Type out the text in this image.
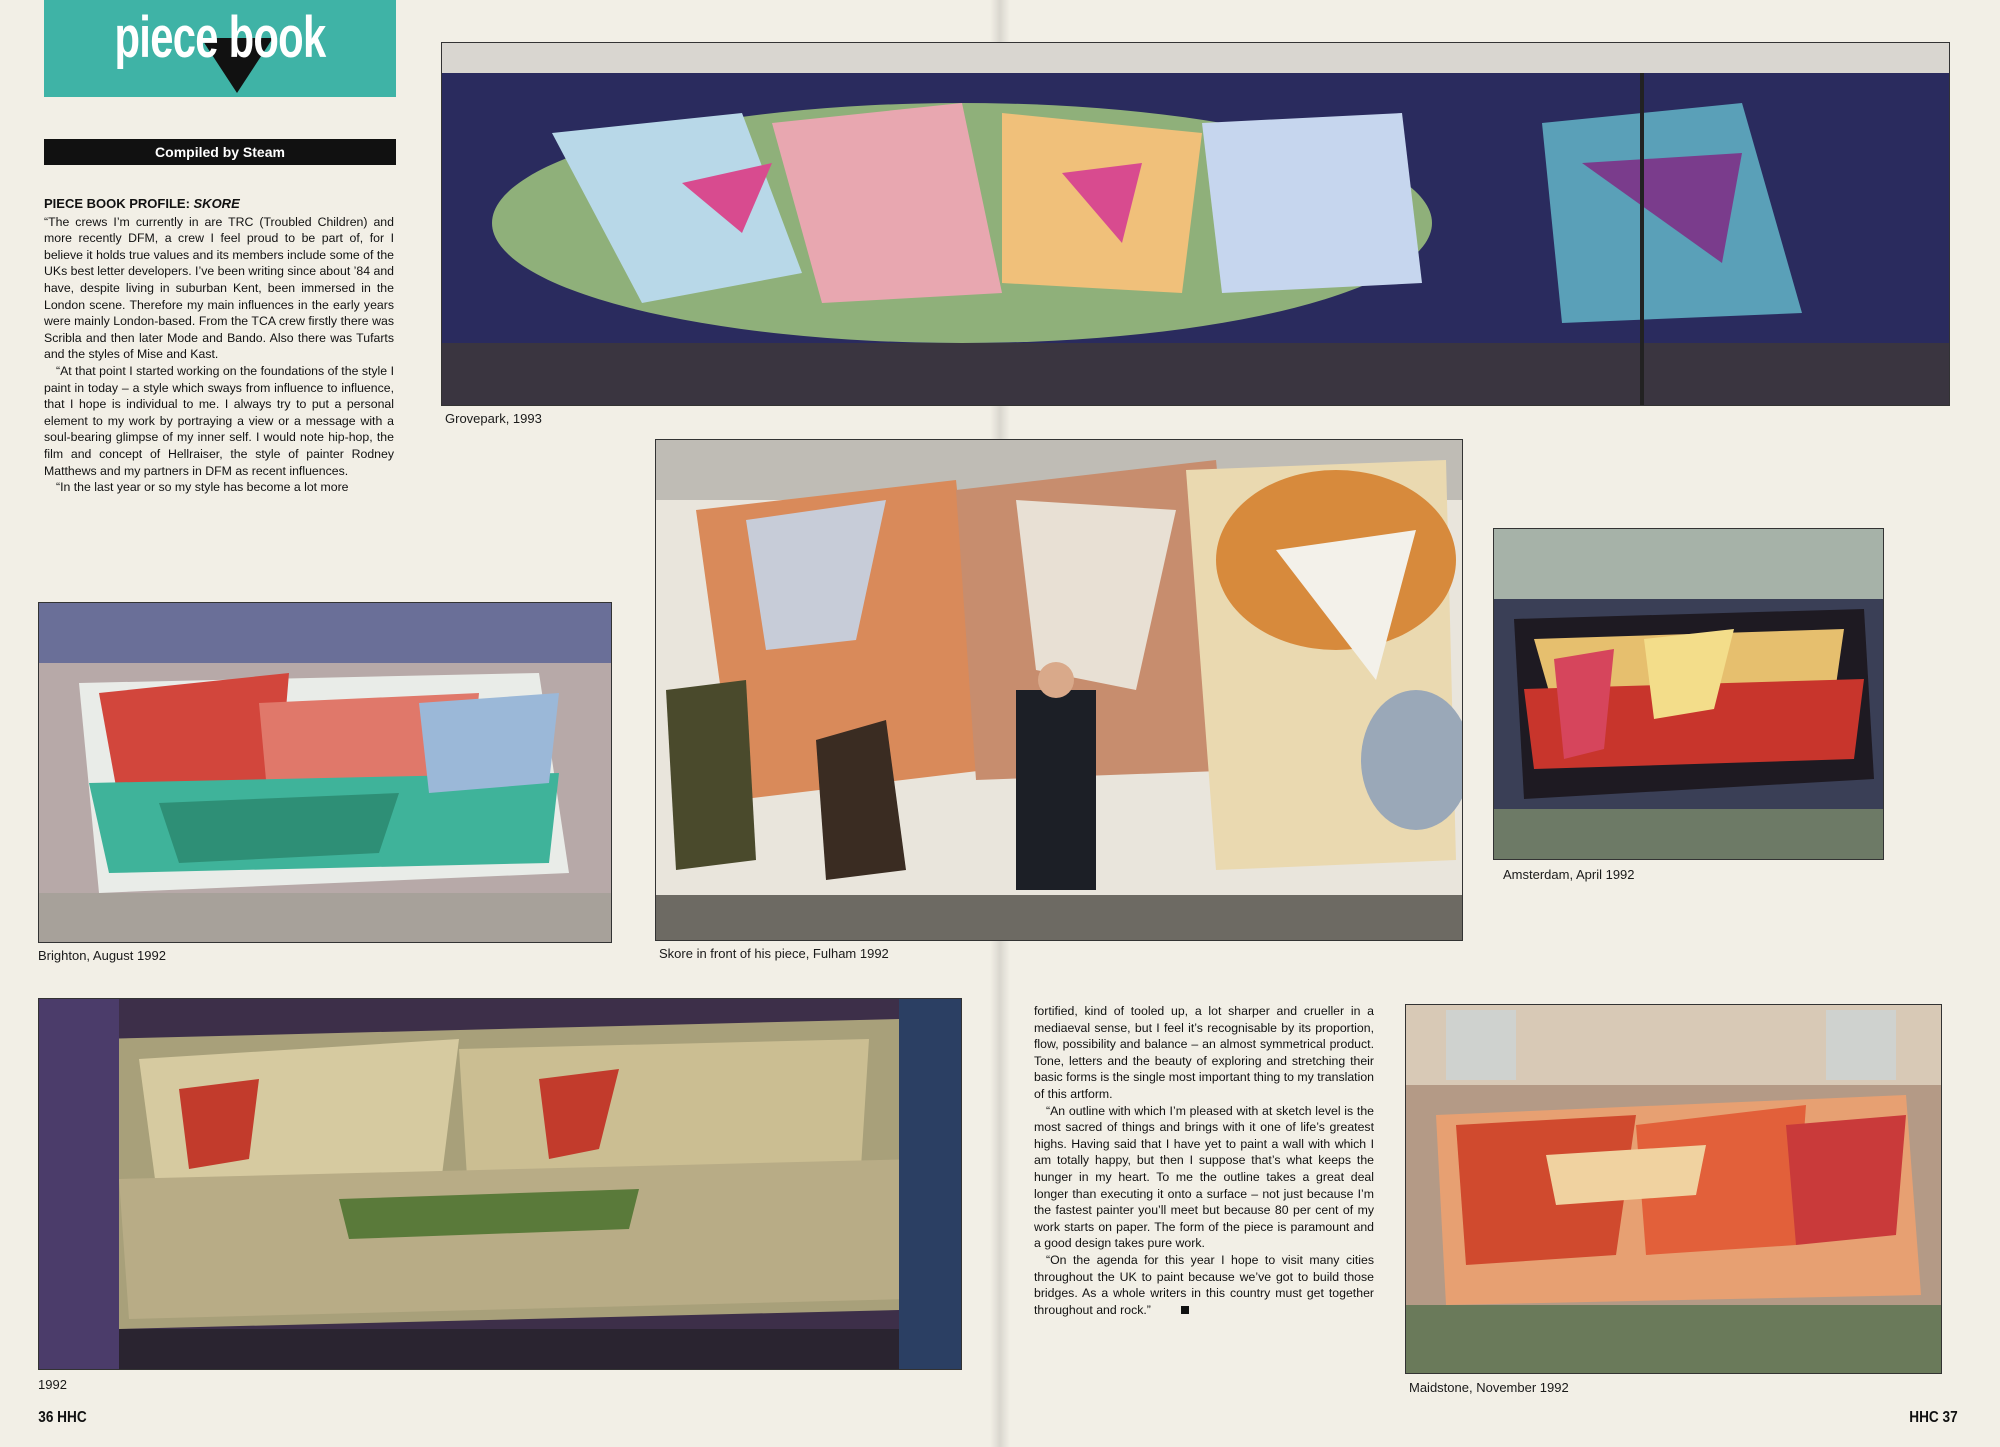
piece book
Compiled by Steam
PIECE BOOK PROFILE: SKORE

“The crews I’m currently in are TRC (Troubled Children) and more recently DFM, a crew I feel proud to be part of, for I believe it holds true values and its members include some of the UKs best letter developers. I’ve been writing since about ’84 and have, despite living in suburban Kent, been immersed in the London scene. Therefore my main influences in the early years were mainly London-based. From the TCA crew firstly there was Scribla and then later Mode and Bando. Also there was Tufarts and the styles of Mise and Kast.

“At that point I started working on the foundations of the style I paint in today – a style which sways from influence to influence, that I hope is individual to me. I always try to put a personal element to my work by portraying a view or a message with a soul-bearing glimpse of my inner self. I would note hip-hop, the film and concept of Hellraiser, the style of painter Rodney Matthews and my partners in DFM as recent influences.

“In the last year or so my style has become a lot more

fortified, kind of tooled up, a lot sharper and crueller in a mediaeval sense, but I feel it’s recognisable by its proportion, flow, possibility and balance – an almost symmetrical product. Tone, letters and the beauty of exploring and stretching their basic forms is the single most important thing to my translation of this artform.

“An outline with which I’m pleased with at sketch level is the most sacred of things and brings with it one of life’s greatest highs. Having said that I have yet to paint a wall with which I am totally happy, but then I suppose that’s what keeps the hunger in my heart. To me the outline takes a great deal longer than executing it onto a surface – not just because I’m the fastest painter you’ll meet but because 80 per cent of my work starts on paper. The form of the piece is paramount and a good design takes pure work.

“On the agenda for this year I hope to visit many cities throughout the UK to paint because we’ve got to build those bridges. As a whole writers in this country must get together throughout and rock.”

Grovepark, 1993
Skore in front of his piece, Fulham 1992
Brighton, August 1992
Amsterdam, April 1992
1992	Maidstone, November 1992
36 HHC	HHC 37
